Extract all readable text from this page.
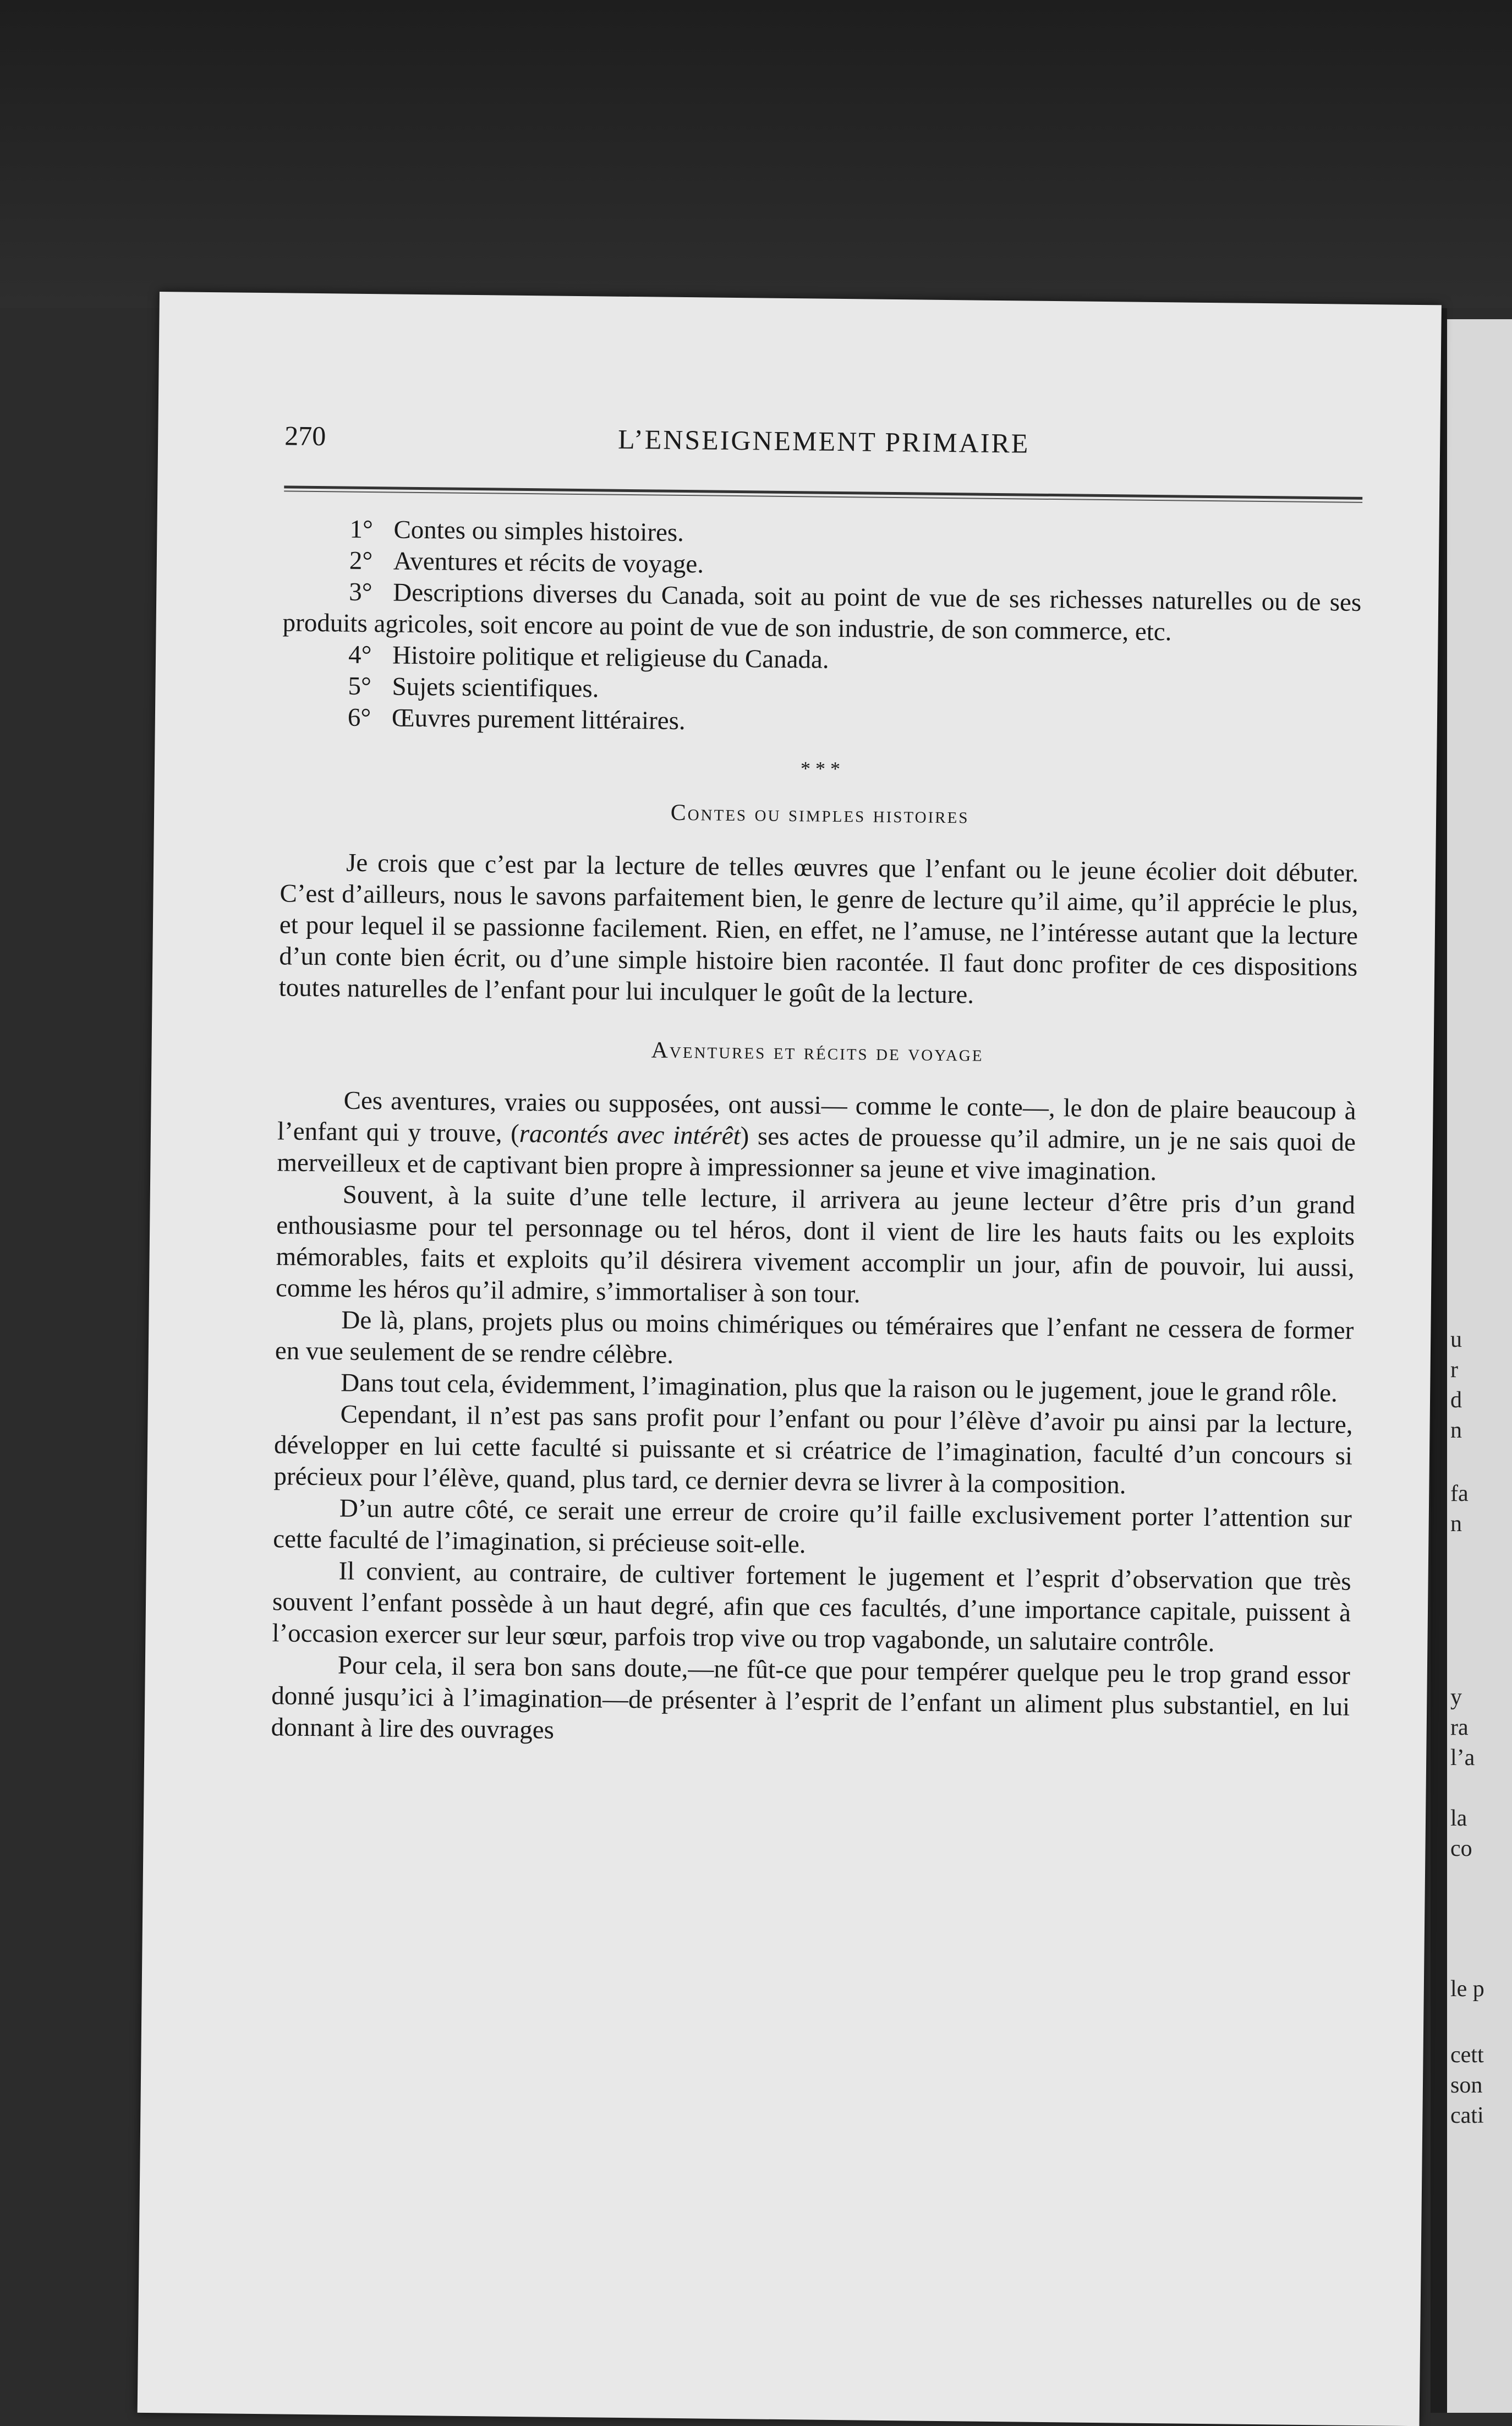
u
r
d
n
fa
n
y
ra
l’a
la
co
le p
cett
son
cati
270	L’ENSEIGNEMENT PRIMAIRE
1° Contes ou simples histoires.
2° Aventures et récits de voyage.
3° Descriptions diverses du Canada, soit au point de vue de ses richesses naturelles ou de ses produits agricoles, soit encore au point de vue de son industrie, de son commerce, etc.
4° Histoire politique et religieuse du Canada.
5° Sujets scientifiques.
6° Œuvres purement littéraires.
* * *
Contes ou simples histoires

Je crois que c’est par la lecture de telles œuvres que l’enfant ou le jeune écolier doit débuter. C’est d’ailleurs, nous le savons parfaitement bien, le genre de lecture qu’il aime, qu’il apprécie le plus, et pour lequel il se passionne facilement. Rien, en effet, ne l’amuse, ne l’intéresse autant que la lecture d’un conte bien écrit, ou d’une simple histoire bien racontée. Il faut donc profiter de ces dispositions toutes naturelles de l’enfant pour lui inculquer le goût de la lecture.

Aventures et récits de voyage

Ces aventures, vraies ou supposées, ont aussi— comme le conte—, le don de plaire beaucoup à l’enfant qui y trouve, (racontés avec intérêt) ses actes de prouesse qu’il admire, un je ne sais quoi de merveilleux et de captivant bien propre à impressionner sa jeune et vive imagination.

Souvent, à la suite d’une telle lecture, il arrivera au jeune lecteur d’être pris d’un grand enthousiasme pour tel personnage ou tel héros, dont il vient de lire les hauts faits ou les exploits mémorables, faits et exploits qu’il désirera vivement accomplir un jour, afin de pouvoir, lui aussi, comme les héros qu’il admire, s’immortaliser à son tour.

De là, plans, projets plus ou moins chimériques ou téméraires que l’enfant ne cessera de former en vue seulement de se rendre célèbre.

Dans tout cela, évidemment, l’imagination, plus que la raison ou le jugement, joue le grand rôle.

Cependant, il n’est pas sans profit pour l’enfant ou pour l’élève d’avoir pu ainsi par la lecture, développer en lui cette faculté si puissante et si créatrice de l’imagination, faculté d’un concours si précieux pour l’élève, quand, plus tard, ce dernier devra se livrer à la composition.

D’un autre côté, ce serait une erreur de croire qu’il faille exclusivement porter l’attention sur cette faculté de l’imagination, si précieuse soit-elle.

Il convient, au contraire, de cultiver fortement le jugement et l’esprit d’observation que très souvent l’enfant possède à un haut degré, afin que ces facultés, d’une importance capitale, puissent à l’occasion exercer sur leur sœur, parfois trop vive ou trop vagabonde, un salutaire contrôle.

Pour cela, il sera bon sans doute,—ne fût-ce que pour tempérer quelque peu le trop grand essor donné jusqu’ici à l’imagination—de présenter à l’esprit de l’enfant un aliment plus substantiel, en lui donnant à lire des ouvrages
